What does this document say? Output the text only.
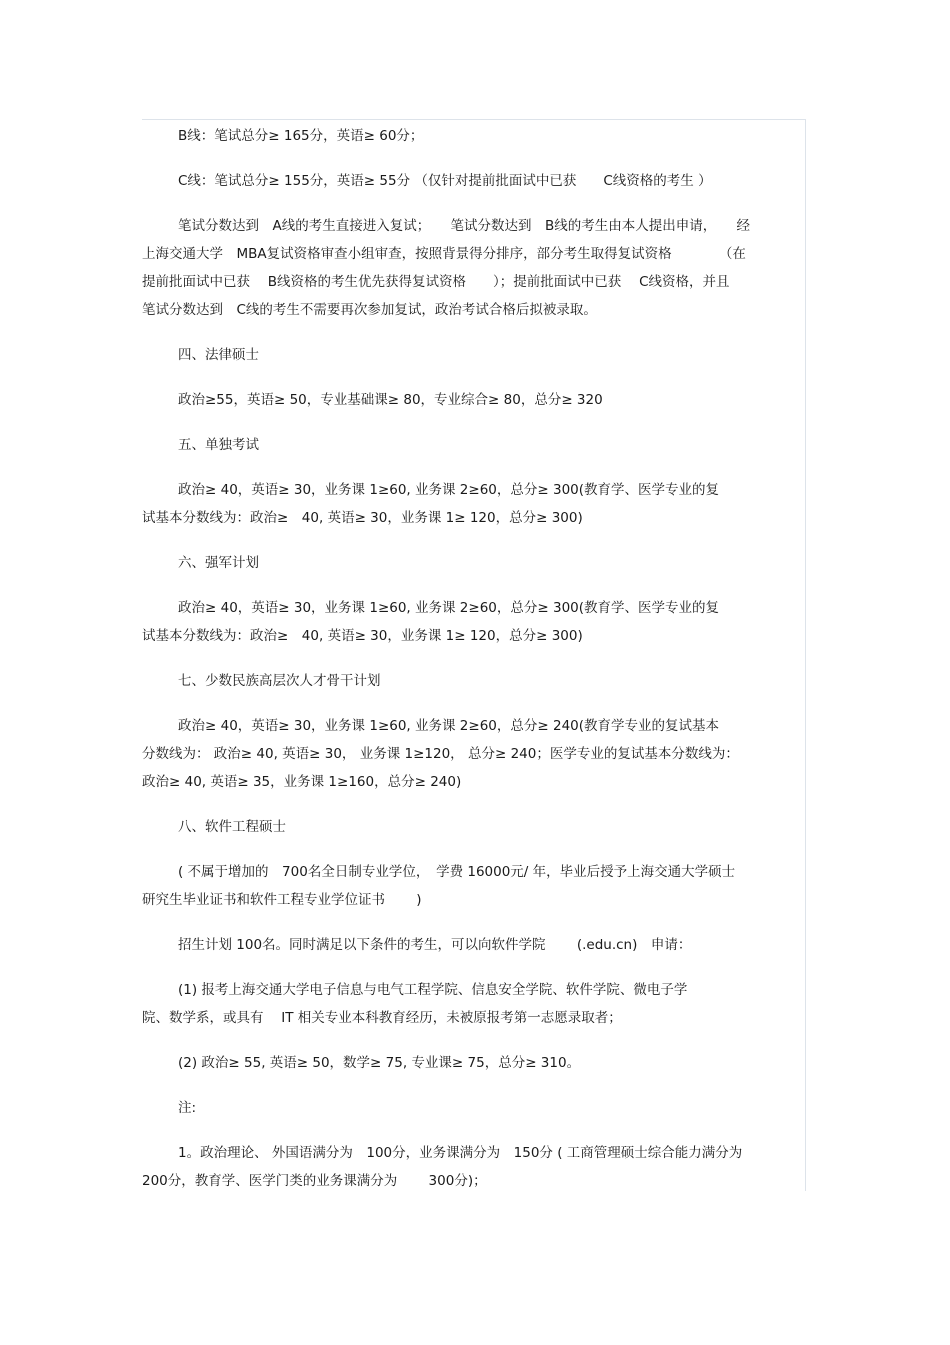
B线：笔试总分≥ 165分，英语≥ 60分；

C线：笔试总分≥ 155分，英语≥ 55分 （仅针对提前批面试中已获　　C线资格的考生 ）

笔试分数达到　A线的考生直接进入复试；　　笔试分数达到　B线的考生由本人提出申请，　　经
上海交通大学　MBA复试资格审查小组审查，按照背景得分排序，部分考生取得复试资格　　　　（在
提前批面试中已获　 B线资格的考生优先获得复试资格　　）；提前批面试中已获　 C线资格，并且
笔试分数达到　C线的考生不需要再次参加复试，政治考试合格后拟被录取。

四、法律硕士

政治≥55，英语≥ 50，专业基础课≥ 80，专业综合≥ 80，总分≥ 320

五、单独考试

政治≥ 40，英语≥ 30，业务课 1≥60, 业务课 2≥60，总分≥ 300(教育学、医学专业的复
试基本分数线为：政治≥　40, 英语≥ 30，业务课 1≥ 120，总分≥ 300)

六、强军计划

政治≥ 40，英语≥ 30，业务课 1≥60, 业务课 2≥60，总分≥ 300(教育学、医学专业的复
试基本分数线为：政治≥　40, 英语≥ 30，业务课 1≥ 120，总分≥ 300)

七、少数民族高层次人才骨干计划

政治≥ 40，英语≥ 30，业务课 1≥60, 业务课 2≥60，总分≥ 240(教育学专业的复试基本
分数线为： 政治≥ 40, 英语≥ 30， 业务课 1≥120， 总分≥ 240；医学专业的复试基本分数线为：
政治≥ 40, 英语≥ 35，业务课 1≥160，总分≥ 240)

八、软件工程硕士

( 不属于增加的　700名全日制专业学位，　学费 16000元/ 年，毕业后授予上海交通大学硕士
研究生毕业证书和软件工程专业学位证书　　 )

招生计划 100名。同时满足以下条件的考生，可以向软件学院　　 (.edu.cn)　申请：

(1) 报考上海交通大学电子信息与电气工程学院、信息安全学院、软件学院、微电子学
院、数学系，或具有　 IT 相关专业本科教育经历，未被原报考第一志愿录取者；

(2) 政治≥ 55, 英语≥ 50，数学≥ 75, 专业课≥ 75，总分≥ 310。

注:

1。政治理论、 外国语满分为　100分，业务课满分为　150分 ( 工商管理硕士综合能力满分为
200分，教育学、医学门类的业务课满分为　　 300分)；
